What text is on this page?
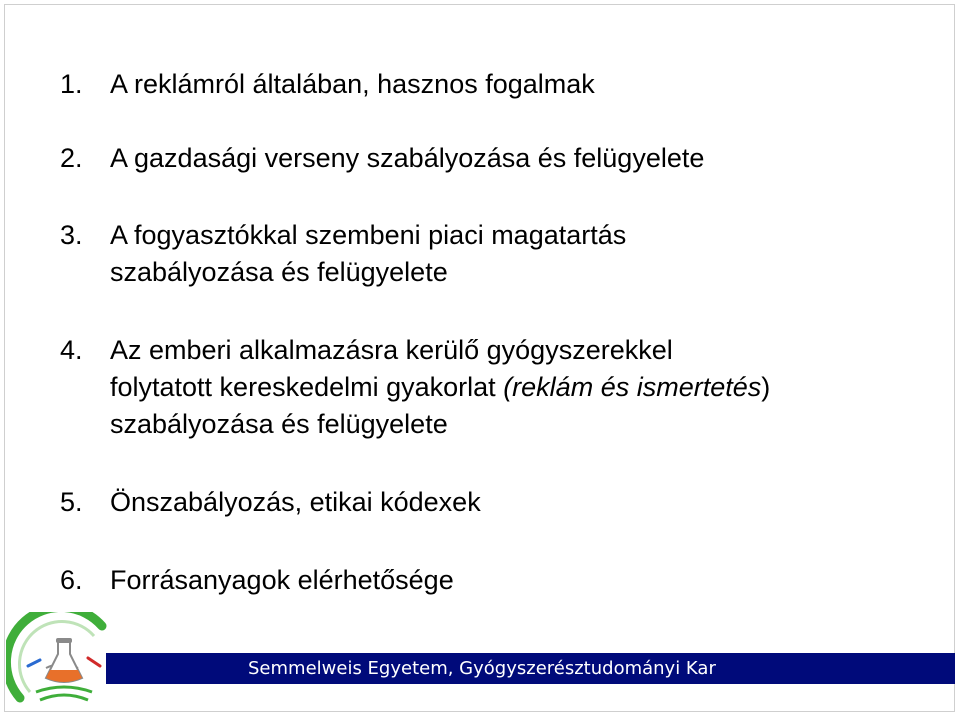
1.	A reklámról általában, hasznos fogalmak
2.	A gazdasági verseny szabályozása és felügyelete
3.	A fogyasztókkal szembeni piaci magatartás
szabályozása és felügyelete
4.	Az emberi alkalmazásra kerülő gyógyszerekkel
folytatott kereskedelmi gyakorlat (reklám és ismertetés)
szabályozása és felügyelete
5.	Önszabályozás, etikai kódexek
6.	Forrásanyagok elérhetősége
Semmelweis Egyetem, Gyógyszerésztudományi Kar
